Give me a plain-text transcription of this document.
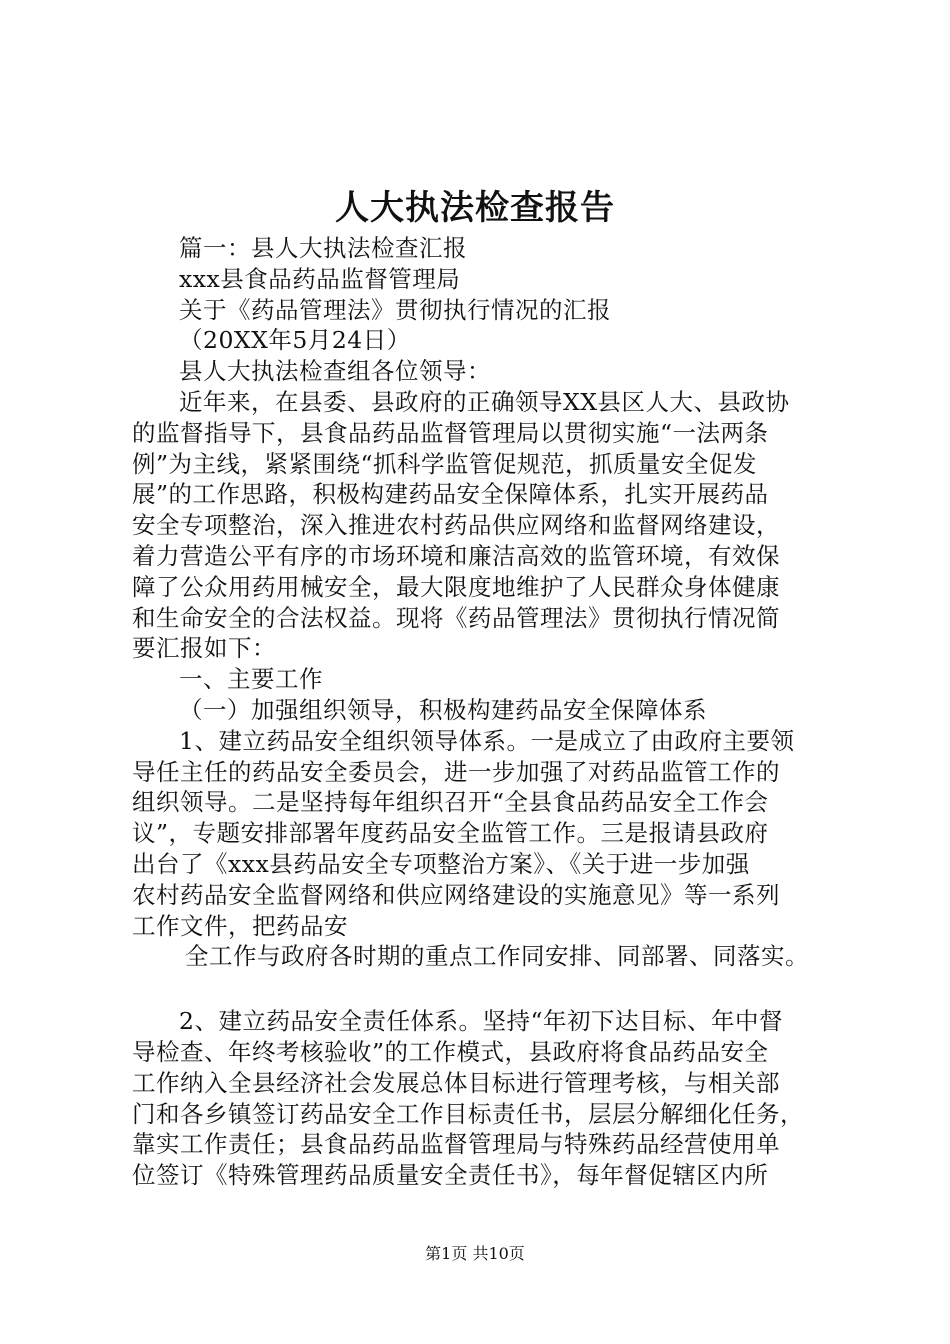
人大执法检查报告
篇一：县人大执法检查汇报
xxx县食品药品监督管理局
关于《药品管理法》贯彻执行情况的汇报
（20XX年5月24日）
县人大执法检查组各位领导：
近年来，在县委、县政府的正确领导XX县区人大、县政协
的监督指导下，县食品药品监督管理局以贯彻实施“一法两条
例”为主线，紧紧围绕“抓科学监管促规范，抓质量安全促发
展”的工作思路，积极构建药品安全保障体系，扎实开展药品
安全专项整治，深入推进农村药品供应网络和监督网络建设，
着力营造公平有序的市场环境和廉洁高效的监管环境，有效保
障了公众用药用械安全，最大限度地维护了人民群众身体健康
和生命安全的合法权益。现将《药品管理法》贯彻执行情况简
要汇报如下：
一、主要工作
（一）加强组织领导，积极构建药品安全保障体系
1、建立药品安全组织领导体系。一是成立了由政府主要领
导任主任的药品安全委员会，进一步加强了对药品监管工作的
组织领导。二是坚持每年组织召开“全县食品药品安全工作会
议”，专题安排部署年度药品安全监管工作。三是报请县政府
出台了《xxx县药品安全专项整治方案》、《关于进一步加强
农村药品安全监督网络和供应网络建设的实施意见》等一系列
工作文件，把药品安
全工作与政府各时期的重点工作同安排、同部署、同落实。
2、建立药品安全责任体系。坚持“年初下达目标、年中督
导检查、年终考核验收”的工作模式，县政府将食品药品安全
工作纳入全县经济社会发展总体目标进行管理考核，与相关部
门和各乡镇签订药品安全工作目标责任书，层层分解细化任务，
靠实工作责任；县食品药品监督管理局与特殊药品经营使用单
位签订《特殊管理药品质量安全责任书》，每年督促辖区内所
第1页 共10页
